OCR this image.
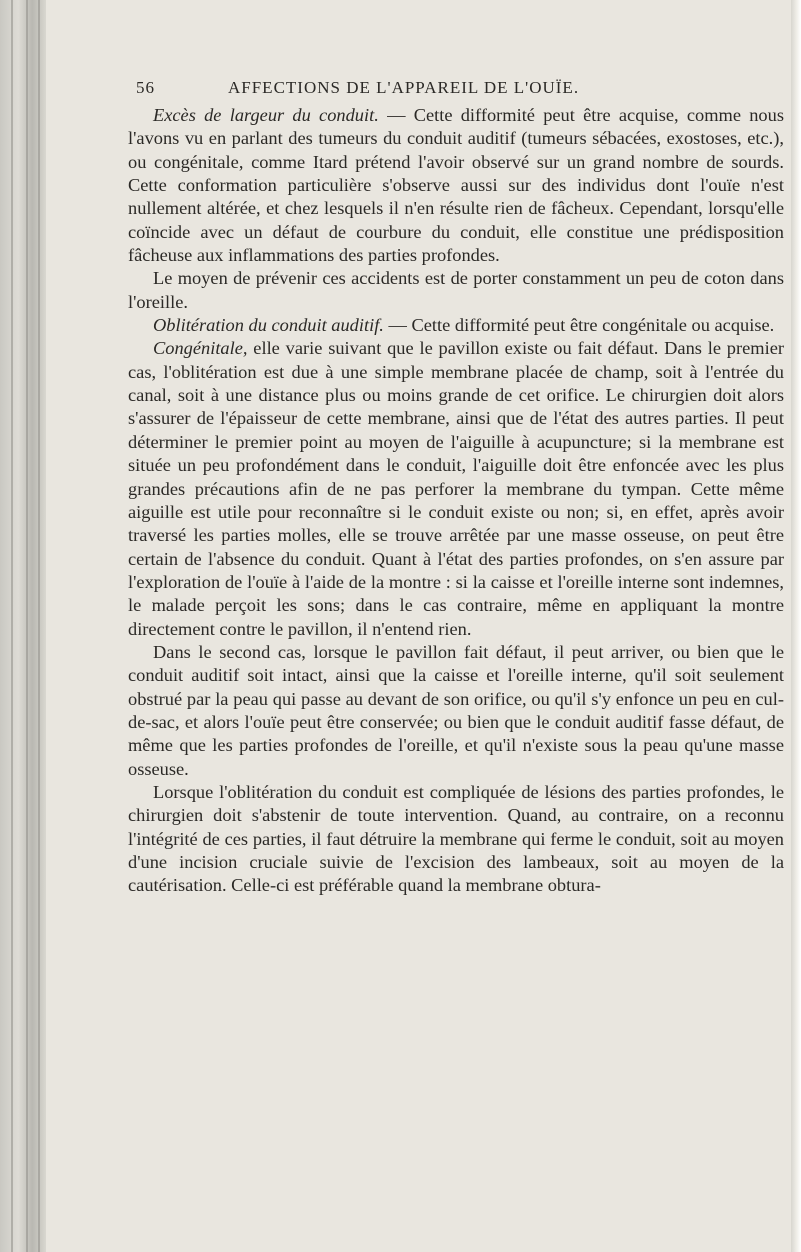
56	AFFECTIONS DE L'APPAREIL DE L'OUÏE.

Excès de largeur du conduit. — Cette difformité peut être acquise, comme nous l'avons vu en parlant des tumeurs du conduit auditif (tumeurs sébacées, exostoses, etc.), ou congénitale, comme Itard prétend l'avoir observé sur un grand nombre de sourds. Cette conformation particulière s'observe aussi sur des individus dont l'ouïe n'est nullement altérée, et chez lesquels il n'en résulte rien de fâcheux. Cependant, lorsqu'elle coïncide avec un défaut de courbure du conduit, elle constitue une prédisposition fâcheuse aux inflammations des parties profondes.

Le moyen de prévenir ces accidents est de porter constamment un peu de coton dans l'oreille.

Oblitération du conduit auditif. — Cette difformité peut être congénitale ou acquise.

Congénitale, elle varie suivant que le pavillon existe ou fait défaut. Dans le premier cas, l'oblitération est due à une simple membrane placée de champ, soit à l'entrée du canal, soit à une distance plus ou moins grande de cet orifice. Le chirurgien doit alors s'assurer de l'épaisseur de cette membrane, ainsi que de l'état des autres parties. Il peut déterminer le premier point au moyen de l'aiguille à acupuncture; si la membrane est située un peu profondément dans le conduit, l'aiguille doit être enfoncée avec les plus grandes précautions afin de ne pas perforer la membrane du tympan. Cette même aiguille est utile pour reconnaître si le conduit existe ou non; si, en effet, après avoir traversé les parties molles, elle se trouve arrêtée par une masse osseuse, on peut être certain de l'absence du conduit. Quant à l'état des parties profondes, on s'en assure par l'exploration de l'ouïe à l'aide de la montre : si la caisse et l'oreille interne sont indemnes, le malade perçoit les sons; dans le cas contraire, même en appliquant la montre directement contre le pavillon, il n'entend rien.

Dans le second cas, lorsque le pavillon fait défaut, il peut arriver, ou bien que le conduit auditif soit intact, ainsi que la caisse et l'oreille interne, qu'il soit seulement obstrué par la peau qui passe au devant de son orifice, ou qu'il s'y enfonce un peu en cul-de-sac, et alors l'ouïe peut être conservée; ou bien que le conduit auditif fasse défaut, de même que les parties profondes de l'oreille, et qu'il n'existe sous la peau qu'une masse osseuse.

Lorsque l'oblitération du conduit est compliquée de lésions des parties profondes, le chirurgien doit s'abstenir de toute intervention. Quand, au contraire, on a reconnu l'intégrité de ces parties, il faut détruire la membrane qui ferme le conduit, soit au moyen d'une incision cruciale suivie de l'excision des lambeaux, soit au moyen de la cautérisation. Celle-ci est préférable quand la membrane obtura-
